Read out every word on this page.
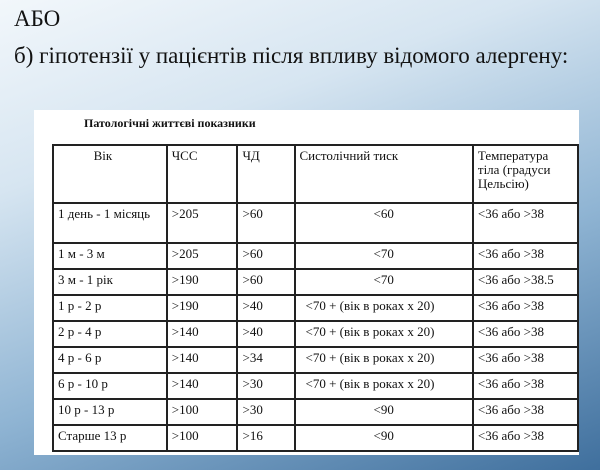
АБО

б) гіпотензії у пацієнтів після впливу відомого алергену:

Патологічні життєві показники

Вік	ЧСС	ЧД	Систолічний тиск	Температура тіла (градуси Цельсію)
1 день - 1 місяць	>205	>60	<60	<36 або >38
1 м - 3 м	>205	>60	<70	<36 або >38
3 м - 1 рік	>190	>60	<70	<36 або >38.5
1 р - 2 р	>190	>40	<70 + (вік в роках х 20)	<36 або >38
2 р - 4 р	>140	>40	<70 + (вік в роках х 20)	<36 або >38
4 р - 6 р	>140	>34	<70 + (вік в роках х 20)	<36 або >38
6 р - 10 р	>140	>30	<70 + (вік в роках х 20)	<36 або >38
10 р - 13 р	>100	>30	<90	<36 або >38
Старше 13 р	>100	>16	<90	<36 або >38
